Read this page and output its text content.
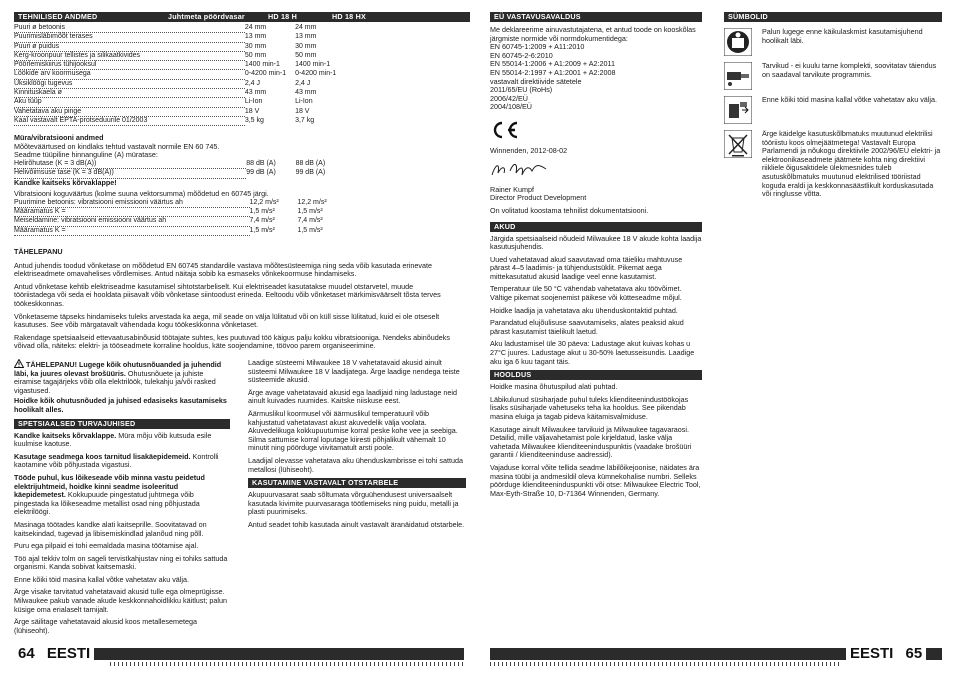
TEHNILISED ANDMED	Juhtmeta pöördvasar	HD 18 H	HD 18 HX
Puuri ø betoonis	24 mm	24 mm
Puurimisläbimõõt terases	13 mm	13 mm
Puuri ø puidus	30 mm	30 mm
Kerg-kroonpuur tellistes ja silikaatkivides	50 mm	50 mm
Pöörlemiskiirus tühijooksul	1400 min-1	1400 min-1
Löökide arv koormusega	0-4200 min-1	0-4200 min-1
Üksiklöögi tugevus	2,4 J	2,4 J
Kinnituskaela ø	43 mm	43 mm
Aku tüüp	Li-Ion	Li-Ion
Vahetatava aku pinge	18 V	18 V
Kaal vastavalt EPTA-protseduurile 01/2003	3,5 kg	3,7 kg
Müra/vibratsiooni andmed
Mõõteväärtused on kindlaks tehtud vastavalt normile EN 60 745.
Seadme tüüpiline hinnanguline (A) müratase:
Helirõhutase (K = 3 dB(A))	88 dB (A)	88 dB (A)
Helivõimsuse tase (K = 3 dB(A))	99 dB (A)	99 dB (A)
Kandke kaitseks kõrvaklappe!
Vibratsiooni koguväärtus (kolme suuna vektorsumma) mõõdetud en 60745 järgi.
Puurimine betoonis: vibratsiooni emissiooni väärtus ah	12,2 m/s²	12,2 m/s²
Määramatus K =	1,5 m/s²	1,5 m/s²
Meiseldamine: vibratsiooni emissiooni väärtus ah	7,4 m/s²	7,4 m/s²
Määramatus K =	1,5 m/s²	1,5 m/s²
TÄHELEPANU

Antud juhendis toodud võnketase on mõõdetud EN 60745 standardile vastava mõõtesüsteemiga ning seda võib kasutada erinevate elektriseadmete omavahelises võrdlemises. Antud näitaja sobib ka esmaseks võnkekoormuse hindamiseks.

Antud võnketase kehtib elektriseadme kasutamisel sihtotstarbeliselt. Kui elektriseadet kasutatakse muudel otstarvetel, muude tööriistadega või seda ei hooldata piisavalt võib võnketase siintoodust erineda. Eeltoodu võib võnketaset märkimisväärselt tõsta terves töökeskkonnas.

Võnketaseme täpseks hindamiseks tuleks arvestada ka aega, mil seade on välja lülitatud või on küll sisse lülitatud, kuid ei ole otseselt kasutuses. See võib märgatavalt vähendada kogu töökeskkonna võnketaset.

Rakendage spetsiaalseid ettevaatusabinõusid töötajate suhtes, kes puutuvad töö käigus palju kokku vibratsiooniga. Nendeks abinõudeks võivad olla, näiteks: elektri- ja tööseadmete korraline hooldus, käte soojendamine, töövoo parem organiseerimine.

TÄHELEPANU! Lugege kõik ohutusnõuanded ja juhendid läbi, ka juures olevast brošüüris. Ohutusnõuete ja juhiste eiramise tagajärjeks võib olla elektrilöök, tulekahju ja/või rasked vigastused.

Hoidke kõik ohutusnõuded ja juhised edasiseks kasutamiseks hoolikalt alles.

SPETSIAALSED TURVAJUHISED

Kandke kaitseks kõrvaklappe. Müra mõju võib kutsuda esile kuulmise kaotuse.

Kasutage seadmega koos tarnitud lisakäepidemeid. Kontrolli kaotamine võib põhjustada vigastusi.

Tööde puhul, kus lõikeseade võib minna vastu peidetud elektrijuhtmeid, hoidke kinni seadme isoleeritud käepidemetest. Kokkupuude pingestatud juhtmega võib pingestada ka lõikeseadme metallist osad ning põhjustada elektrilöögi.

Masinaga töötades kandke alati kaitseprille. Soovitatavad on kaitsekindad, tugevad ja libisemiskindlad jalanõud ning põll.

Puru ega pilpaid ei tohi eemaldada masina töötamise ajal.

Töö ajal tekkiv tolm on sageli tervistkahjustav ning ei tohiks sattuda organismi. Kanda sobivat kaitsemaski.

Enne kõiki töid masina kallal võtke vahetatav aku välja.

Ärge visake tarvitatud vahetatavaid akusid tulle ega olmeprügisse. Milwaukee pakub vanade akude keskkonnahoidlikku käitlust; palun küsige oma erialaselt tarnijalt.

Ärge säilitage vahetatavaid akusid koos metallesemetega (lühiseoht).

Laadige süsteemi Milwaukee 18 V vahetatavaid akusid ainult süsteemi Milwaukee 18 V laadijatega. Ärge laadige nendega teiste süsteemide akusid.

Ärge avage vahetatavaid akusid ega laadijaid ning ladustage neid ainult kuivades ruumides. Kaitske niiskuse eest.

Äärmuslikul koormusel või äärmuslikul temperatuuril võib kahjustatud vahetatavast akust akuvedelik välja voolata. Akuvedelikuga kokkupuutumise korral peske kohe vee ja seebiga. Silma sattumise korral loputage kiiresti põhjalikult vähemalt 10 minutit ning pöörduge viivitamatult arsti poole.

Laadijal olevasse vahetatava aku ühenduskambrisse ei tohi sattuda metallosi (lühiseoht).

KASUTAMINE VASTAVALT OTSTARBELE

Akupuurvasarat saab sõltumata võrguühendusest universaalselt kasutada kivimite puurvasaraga töötlemiseks ning puidu, metalli ja plasti puurimiseks.

Antud seadet tohib kasutada ainult vastavalt äranäidatud otstarbele.

EÜ VASTAVUSAVALDUS
Me deklareerime ainuvastutajatena, et antud toode on kooskõlas järgmiste normide või normdokumentidega:
EN 60745-1:2009 + A11:2010
EN 60745-2-6:2010
EN 55014-1:2006 + A1:2009 + A2:2011
EN 55014-2:1997 + A1:2001 + A2:2008
vastavalt direktiivide sätetele
2011/65/EU (RoHs)
2006/42/EÜ
2004/108/EÜ
Winnenden, 2012-08-02
Rainer Kumpf
Director Product Development
On volitatud koostama tehnilist dokumentatsiooni.
AKUD

Järgida spetsiaalseid nõudeid Milwaukee 18 V akude kohta laadija kasutusjuhendis.

Uued vahetatavad akud saavutavad oma täieliku mahtuvuse pärast 4–5 laadimis- ja tühjendustsüklit. Pikemat aega mittekasutatud akusid laadige veel enne kasutamist.

Temperatuur üle 50 °C vähendab vahetatava aku töövõimet. Vältige pikemat soojenemist päikese või kütteseadme mõjul.

Hoidke laadija ja vahetatava aku ühenduskontaktid puhtad.

Parandatud elujõulisuse saavutamiseks, alates peaksid akud pärast kasutamist täielikult laetud.

Aku ladustamisel üle 30 päeva: Ladustage akut kuivas kohas u 27°C juures. Ladustage akut u 30-50% laetusseisundis. Laadige aku iga 6 kuu tagant täis.

HOOLDUS

Hoidke masina õhutuspilud alati puhtad.

Läbikulunud süsiharjade puhul tuleks klienditeenindustöökojas lisaks süsiharjade vahetuseks teha ka hooldus. See pikendab masina eluiga ja tagab pideva käitamisvalmiduse.

Kasutage ainult Milwaukee tarvikuid ja Milwaukee tagavaraosi. Detailid, mille väljavahetamist pole kirjeldatud, laske välja vahetada Milwaukee klienditeeninduspunktis (vaadake brošüüri garantii / klienditeeninduse aadressid).

Vajaduse korral võite tellida seadme läbilõikejoonise, näidates ära masina tüübi ja andmesildil oleva kümnekohalise numbri. Selleks pöörduge klienditeeninduspunkti või otse: Milwaukee Electric Tool, Max-Eyth-Straße 10, D-71364 Winnenden, Germany.

SÜMBOLID
Palun lugege enne käikulaskmist kasutamisjuhend hoolikalt läbi.
Tarvikud - ei kuulu tarne komplekti, soovitatav täiendus on saadaval tarvikute programmis.
Enne kõiki töid masina kallal võtke vahetatav aku välja.
Ärge käidelge kasutuskõlbmatuks muutunud elektrilisi tööriistu koos olmejäätmetega! Vastavalt Europa Parlamendi ja nõukogu direktiivile 2002/96/EÜ elektri- ja elektroonikaseadmete jäätmete kohta ning direktiivi riikliele õigusaktidele ülekmesnides tuleb asutuskõlbmatuks muutunud elektrilised tööriistad koguda eraldi ja keskkonnasäästlikult korduskasutada või ringlusse võtta.
64 EESTI	EESTI 65
